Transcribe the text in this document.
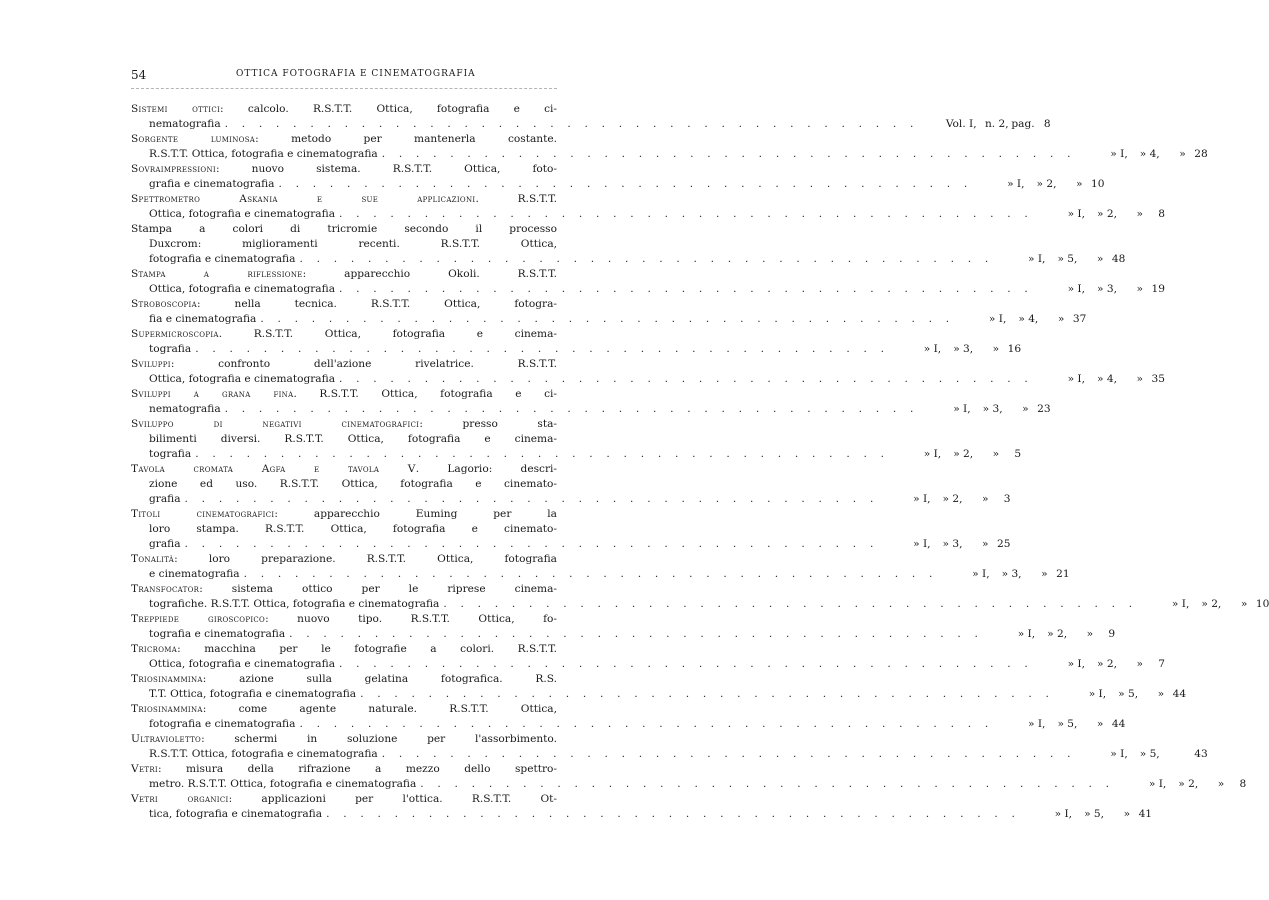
54	OTTICA FOTOGRAFIA E CINEMATOGRAFIA
Sistemi ottici: calcolo. R.S.T.T. Ottica, fotografia e ci-
nematografia . . . . . . . . . . . . . . . . . . . . . . . . . . . . . . . . . . . . . . . . .	Vol. I, n. 2, pag. 8
Sorgente luminosa: metodo per mantenerla costante.
R.S.T.T. Ottica, fotografia e cinematografia . . . . . . . . . . . . . . . . . . . . . . . . . . . . . . . . . . . . . . . . .	» I,	» 4,	» 28
Sovraimpressioni: nuovo sistema. R.S.T.T. Ottica, foto-
grafia e cinematografia . . . . . . . . . . . . . . . . . . . . . . . . . . . . . . . . . . . . . . . . .	» I,	» 2,	» 10
Spettrometro Askania e sue applicazioni. R.S.T.T.
Ottica, fotografia e cinematografia . . . . . . . . . . . . . . . . . . . . . . . . . . . . . . . . . . . . . . . . .	» I,	» 2,	»	8
Stampa a colori di tricromie secondo il processo
Duxcrom: miglioramenti recenti. R.S.T.T. Ottica,
fotografia e cinematografia . . . . . . . . . . . . . . . . . . . . . . . . . . . . . . . . . . . . . . . . .	» I,	» 5,	» 48
Stampa a riflessione: apparecchio Okoli. R.S.T.T.
Ottica, fotografia e cinematografia . . . . . . . . . . . . . . . . . . . . . . . . . . . . . . . . . . . . . . . . .	» I,	» 3,	» 19
Stroboscopia: nella tecnica. R.S.T.T. Ottica, fotogra-
fia e cinematografia . . . . . . . . . . . . . . . . . . . . . . . . . . . . . . . . . . . . . . . . .	» I,	» 4,	» 37
Supermicroscopia. R.S.T.T. Ottica, fotografia e cinema-
tografia . . . . . . . . . . . . . . . . . . . . . . . . . . . . . . . . . . . . . . . . .	» I,	» 3,	» 16
Sviluppi: confronto dell'azione rivelatrice. R.S.T.T.
Ottica, fotografia e cinematografia . . . . . . . . . . . . . . . . . . . . . . . . . . . . . . . . . . . . . . . . .	» I,	» 4,	» 35
Sviluppi a grana fina. R.S.T.T. Ottica, fotografia e ci-
nematografia . . . . . . . . . . . . . . . . . . . . . . . . . . . . . . . . . . . . . . . . .	» I,	» 3,	» 23
Sviluppo di negativi cinematografici: presso sta-
bilimenti diversi. R.S.T.T. Ottica, fotografia e cinema-
tografia . . . . . . . . . . . . . . . . . . . . . . . . . . . . . . . . . . . . . . . . .	» I,	» 2,	»	5
Tavola cromata Agfa e tavola V. Lagorio: descri-
zione ed uso. R.S.T.T. Ottica, fotografia e cinemato-
grafia . . . . . . . . . . . . . . . . . . . . . . . . . . . . . . . . . . . . . . . . .	» I,	» 2,	»	3
Titoli cinematografici: apparecchio Euming per la
loro stampa. R.S.T.T. Ottica, fotografia e cinemato-
grafia . . . . . . . . . . . . . . . . . . . . . . . . . . . . . . . . . . . . . . . . .	» I,	» 3,	» 25
Tonalità: loro preparazione. R.S.T.T. Ottica, fotografia
e cinematografia . . . . . . . . . . . . . . . . . . . . . . . . . . . . . . . . . . . . . . . . .	» I,	» 3,	» 21
Transfocator: sistema ottico per le riprese cinema-
tografiche. R.S.T.T. Ottica, fotografia e cinematografia . . . . . . . . . . . . . . . . . . . . . . . . . . . . . . . . . . . . . . . . .	» I,	» 2,	» 10
Treppiede giroscopico: nuovo tipo. R.S.T.T. Ottica, fo-
tografia e cinematografia . . . . . . . . . . . . . . . . . . . . . . . . . . . . . . . . . . . . . . . . .	» I,	» 2,	»	9
Tricroma: macchina per le fotografie a colori. R.S.T.T.
Ottica, fotografia e cinematografia . . . . . . . . . . . . . . . . . . . . . . . . . . . . . . . . . . . . . . . . .	» I,	» 2,	»	7
Triosinammina: azione sulla gelatina fotografica. R.S.
T.T. Ottica, fotografia e cinematografia . . . . . . . . . . . . . . . . . . . . . . . . . . . . . . . . . . . . . . . . .	» I,	» 5,	» 44
Triosinammina: come agente naturale. R.S.T.T. Ottica,
fotografia e cinematografia . . . . . . . . . . . . . . . . . . . . . . . . . . . . . . . . . . . . . . . . .	» I,	» 5,	» 44
Ultravioletto: schermi in soluzione per l'assorbimento.
R.S.T.T. Ottica, fotografia e cinematografia . . . . . . . . . . . . . . . . . . . . . . . . . . . . . . . . . . . . . . . . .	» I,	» 5,	43
Vetri: misura della rifrazione a mezzo dello spettro-
metro. R.S.T.T. Ottica, fotografia e cinematografia . . . . . . . . . . . . . . . . . . . . . . . . . . . . . . . . . . . . . . . . .	» I,	» 2,	»	8
Vetri organici: applicazioni per l'ottica. R.S.T.T. Ot-
tica, fotografia e cinematografia . . . . . . . . . . . . . . . . . . . . . . . . . . . . . . . . . . . . . . . . .	» I,	» 5,	» 41
